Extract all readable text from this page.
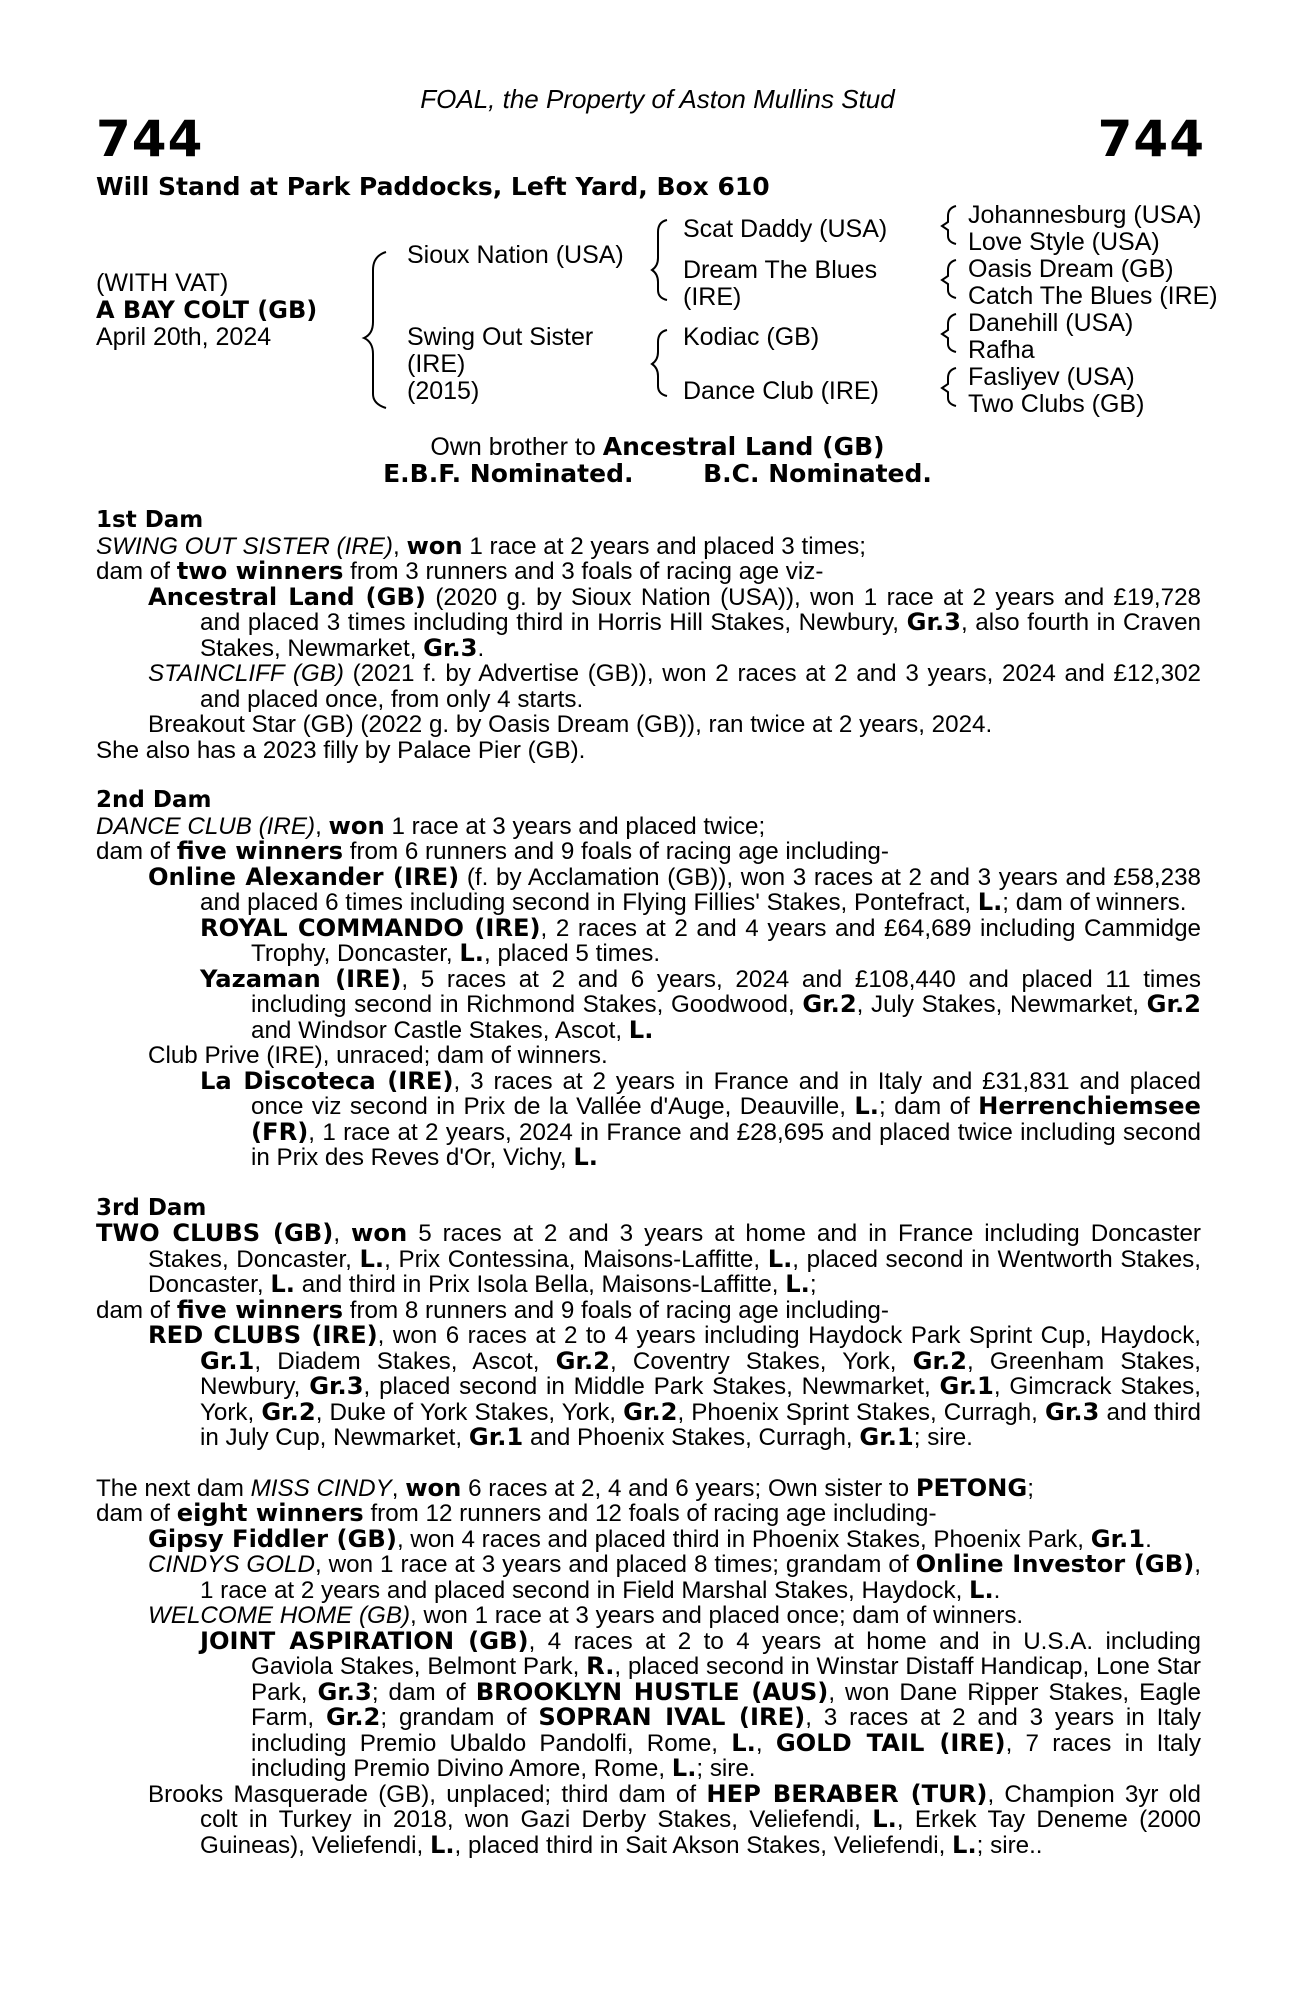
FOAL, the Property of Aston Mullins Stud
744	744
Will Stand at Park Paddocks, Left Yard, Box 610
(WITH VAT)
A BAY COLT (GB)
April 20th, 2024
Sioux Nation (USA)
Swing Out Sister
(IRE)
(2015)
Scat Daddy (USA)
Dream The Blues
(IRE)
Kodiac (GB)
Dance Club (IRE)
Johannesburg (USA)
Love Style (USA)
Oasis Dream (GB)
Catch The Blues (IRE)
Danehill (USA)
Rafha
Fasliyev (USA)
Two Clubs (GB)
Own brother to Ancestral Land (GB)
E.B.F. Nominated.	B.C. Nominated.
1st Dam
SWING OUT SISTER (IRE), won 1 race at 2 years and placed 3 times;
dam of two winners from 3 runners and 3 foals of racing age viz-
Ancestral Land (GB) (2020 g. by Sioux Nation (USA)), won 1 race at 2 years and £19,728 and placed 3 times including third in Horris Hill Stakes, Newbury, Gr.3, also fourth in Craven Stakes, Newmarket, Gr.3.
STAINCLIFF (GB) (2021 f. by Advertise (GB)), won 2 races at 2 and 3 years, 2024 and £12,302 and placed once, from only 4 starts.
Breakout Star (GB) (2022 g. by Oasis Dream (GB)), ran twice at 2 years, 2024.
She also has a 2023 filly by Palace Pier (GB).
2nd Dam
DANCE CLUB (IRE), won 1 race at 3 years and placed twice;
dam of five winners from 6 runners and 9 foals of racing age including-
Online Alexander (IRE) (f. by Acclamation (GB)), won 3 races at 2 and 3 years and £58,238 and placed 6 times including second in Flying Fillies' Stakes, Pontefract, L.; dam of winners.
ROYAL COMMANDO (IRE), 2 races at 2 and 4 years and £64,689 including Cammidge Trophy, Doncaster, L., placed 5 times.
Yazaman (IRE), 5 races at 2 and 6 years, 2024 and £108,440 and placed 11 times including second in Richmond Stakes, Goodwood, Gr.2, July Stakes, Newmarket, Gr.2 and Windsor Castle Stakes, Ascot, L.
Club Prive (IRE), unraced; dam of winners.
La Discoteca (IRE), 3 races at 2 years in France and in Italy and £31,831 and placed once viz second in Prix de la Vallée d'Auge, Deauville, L.; dam of Herrenchiemsee (FR), 1 race at 2 years, 2024 in France and £28,695 and placed twice including second in Prix des Reves d'Or, Vichy, L.
3rd Dam
TWO CLUBS (GB), won 5 races at 2 and 3 years at home and in France including Doncaster Stakes, Doncaster, L., Prix Contessina, Maisons-Laffitte, L., placed second in Wentworth Stakes, Doncaster, L. and third in Prix Isola Bella, Maisons-Laffitte, L.;
dam of five winners from 8 runners and 9 foals of racing age including-
RED CLUBS (IRE), won 6 races at 2 to 4 years including Haydock Park Sprint Cup, Haydock, Gr.1, Diadem Stakes, Ascot, Gr.2, Coventry Stakes, York, Gr.2, Greenham Stakes, Newbury, Gr.3, placed second in Middle Park Stakes, Newmarket, Gr.1, Gimcrack Stakes, York, Gr.2, Duke of York Stakes, York, Gr.2, Phoenix Sprint Stakes, Curragh, Gr.3 and third in July Cup, Newmarket, Gr.1 and Phoenix Stakes, Curragh, Gr.1; sire.
The next dam MISS CINDY, won 6 races at 2, 4 and 6 years; Own sister to PETONG;
dam of eight winners from 12 runners and 12 foals of racing age including-
Gipsy Fiddler (GB), won 4 races and placed third in Phoenix Stakes, Phoenix Park, Gr.1.
CINDYS GOLD, won 1 race at 3 years and placed 8 times; grandam of Online Investor (GB), 1 race at 2 years and placed second in Field Marshal Stakes, Haydock, L..
WELCOME HOME (GB), won 1 race at 3 years and placed once; dam of winners.
JOINT ASPIRATION (GB), 4 races at 2 to 4 years at home and in U.S.A. including Gaviola Stakes, Belmont Park, R., placed second in Winstar Distaff Handicap, Lone Star Park, Gr.3; dam of BROOKLYN HUSTLE (AUS), won Dane Ripper Stakes, Eagle Farm, Gr.2; grandam of SOPRAN IVAL (IRE), 3 races at 2 and 3 years in Italy including Premio Ubaldo Pandolfi, Rome, L., GOLD TAIL (IRE), 7 races in Italy including Premio Divino Amore, Rome, L.; sire.
Brooks Masquerade (GB), unplaced; third dam of HEP BERABER (TUR), Champion 3yr old colt in Turkey in 2018, won Gazi Derby Stakes, Veliefendi, L., Erkek Tay Deneme (2000 Guineas), Veliefendi, L., placed third in Sait Akson Stakes, Veliefendi, L.; sire..
